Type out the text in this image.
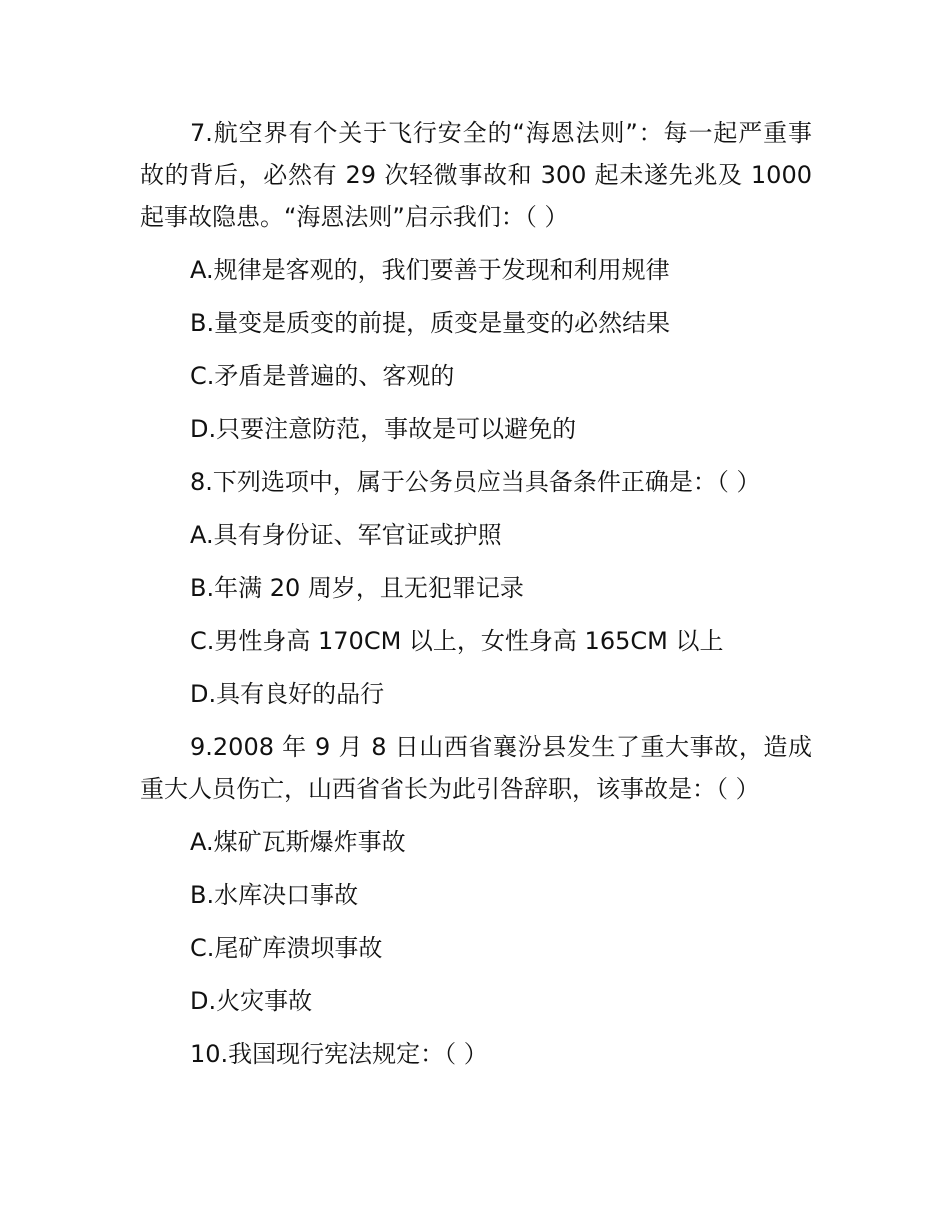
7.航空界有个关于飞行安全的“海恩法则”：每一起严重事故的背后，必然有 29 次轻微事故和 300 起未遂先兆及 1000 起事故隐患。“海恩法则”启示我们：（ ）

A.规律是客观的，我们要善于发现和利用规律
B.量变是质变的前提，质变是量变的必然结果
C.矛盾是普遍的、客观的
D.只要注意防范，事故是可以避免的

8.下列选项中，属于公务员应当具备条件正确是：（ ）

A.具有身份证、军官证或护照
B.年满 20 周岁，且无犯罪记录
C.男性身高 170CM 以上，女性身高 165CM 以上
D.具有良好的品行

9.2008 年 9 月 8 日山西省襄汾县发生了重大事故，造成重大人员伤亡，山西省省长为此引咎辞职，该事故是：（ ）

A.煤矿瓦斯爆炸事故
B.水库决口事故
C.尾矿库溃坝事故
D.火灾事故

10.我国现行宪法规定：（ ）
